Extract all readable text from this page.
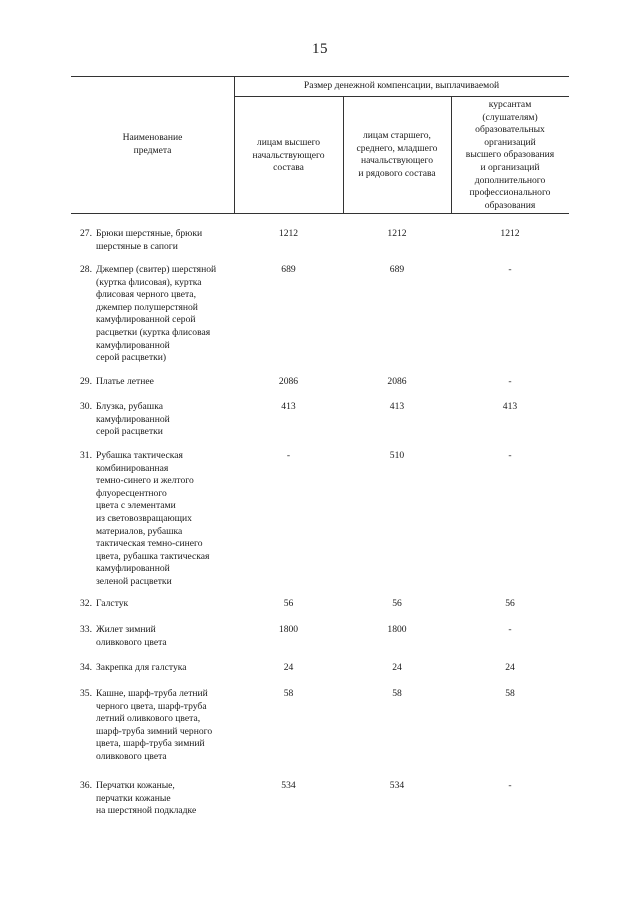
15
Наименование
предмета
Размер денежной компенсации, выплачиваемой
лицам высшего
начальствующего
состава
лицам старшего,
среднего, младшего
начальствующего
и рядового состава
курсантам
(слушателям)
образовательных
организаций
высшего образования
и организаций
дополнительного
профессионального
образования
27. Брюки шерстяные, брюки
шерстяные в сапоги
1212	1212	1212
28. Джемпер (свитер) шерстяной
(куртка флисовая), куртка
флисовая черного цвета,
джемпер полушерстяной
камуфлированной серой
расцветки (куртка флисовая
камуфлированной
серой расцветки)
689	689	-
29. Платье летнее	2086	2086	-
30. Блузка, рубашка
камуфлированной
серой расцветки
413	413	413
31. Рубашка тактическая
комбинированная
темно-синего и желтого
флуоресцентного
цвета с элементами
из световозвращающих
материалов, рубашка
тактическая темно-синего
цвета, рубашка тактическая
камуфлированной
зеленой расцветки
-	510	-
32. Галстук	56	56	56
33. Жилет зимний
оливкового цвета
1800	1800	-
34. Закрепка для галстука	24	24	24
35. Кашне, шарф-труба летний
черного цвета, шарф-труба
летний оливкового цвета,
шарф-труба зимний черного
цвета, шарф-труба зимний
оливкового цвета
58	58	58
36. Перчатки кожаные,
перчатки кожаные
на шерстяной подкладке
534	534	-
